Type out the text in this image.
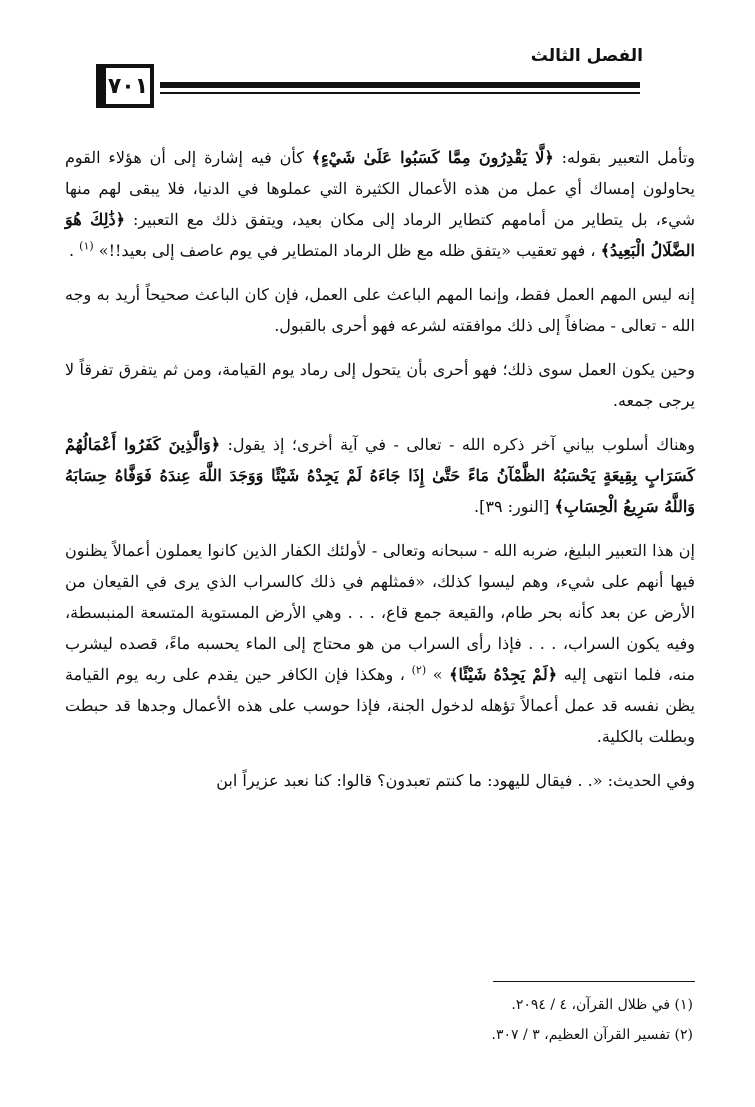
الفصل الثالث
٧٠١

وتأمل التعبير بقوله: ﴿لَّا يَقْدِرُونَ مِمَّا كَسَبُوا عَلَىٰ شَيْءٍ﴾ كأن فيه إشارة إلى أن هؤلاء القوم يحاولون إمساك أي عمل من هذه الأعمال الكثيرة التي عملوها في الدنيا، فلا يبقى لهم منها شيء، بل يتطاير من أمامهم كتطاير الرماد إلى مكان بعيد، ويتفق ذلك مع التعبير: ﴿ذَٰلِكَ هُوَ الضَّلَالُ الْبَعِيدُ﴾ ، فهو تعقيب «يتفق ظله مع ظل الرماد المتطاير في يوم عاصف إلى بعيد!!» $^{(١)}$ .

إنه ليس المهم العمل فقط، وإنما المهم الباعث على العمل، فإن كان الباعث صحيحاً أريد به وجه الله - تعالى - مضافاً إلى ذلك موافقته لشرعه فهو أحرى بالقبول.

وحين يكون العمل سوى ذلك؛ فهو أحرى بأن يتحول إلى رماد يوم القيامة، ومن ثم يتفرق تفرقاً لا يرجى جمعه.

وهناك أسلوب بياني آخر ذكره الله - تعالى - في آية أخرى؛ إذ يقول: ﴿وَالَّذِينَ كَفَرُوا أَعْمَالُهُمْ كَسَرَابٍ بِقِيعَةٍ يَحْسَبُهُ الظَّمْآنُ مَاءً حَتَّىٰ إِذَا جَاءَهُ لَمْ يَجِدْهُ شَيْئًا وَوَجَدَ اللَّهَ عِندَهُ فَوَفَّاهُ حِسَابَهُ وَاللَّهُ سَرِيعُ الْحِسَابِ﴾ [النور: ٣٩].

إن هذا التعبير البليغ، ضربه الله - سبحانه وتعالى - لأولئك الكفار الذين كانوا يعملون أعمالاً يظنون فيها أنهم على شيء، وهم ليسوا كذلك، «فمثلهم في ذلك كالسراب الذي يرى في القيعان من الأرض عن بعد كأنه بحر طام، والقيعة جمع قاع، . . . وهي الأرض المستوية المتسعة المنبسطة، وفيه يكون السراب، . . . فإذا رأى السراب من هو محتاج إلى الماء يحسبه ماءً، قصده ليشرب منه، فلما انتهى إليه ﴿لَمْ يَجِدْهُ شَيْئًا﴾ » $^{(٢)}$ ، وهكذا فإن الكافر حين يقدم على ربه يوم القيامة يظن نفسه قد عمل أعمالاً تؤهله لدخول الجنة، فإذا حوسب على هذه الأعمال وجدها قد حبطت وبطلت بالكلية.

وفي الحديث: «. . فيقال لليهود: ما كنتم تعبدون؟ قالوا: كنا نعبد عزيراً ابن

(١) في ظلال القرآن، ٤ / ٢٠٩٤.

(٢) تفسير القرآن العظيم، ٣ / ٣٠٧.
